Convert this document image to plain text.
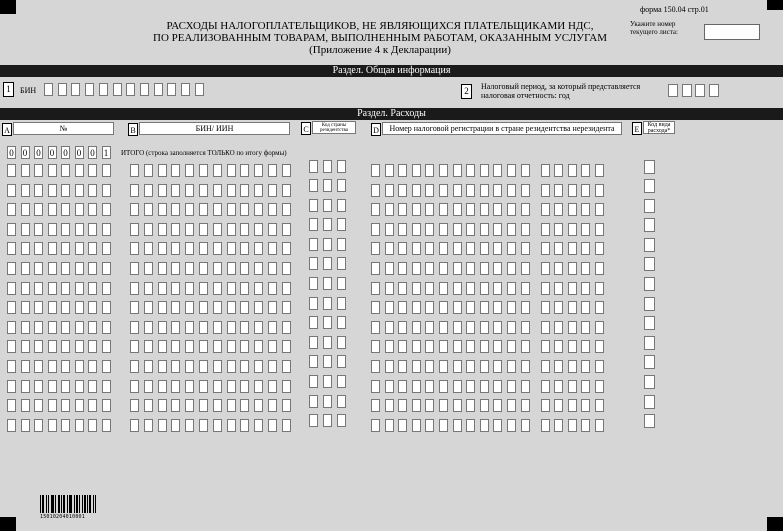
форма 150.04 стр.01
РАСХОДЫ НАЛОГОПЛАТЕЛЬЩИКОВ, НЕ ЯВЛЯЮЩИХСЯ ПЛАТЕЛЬЩИКАМИ НДС,
ПО РЕАЛИЗОВАННЫМ ТОВАРАМ, ВЫПОЛНЕННЫМ РАБОТАМ, ОКАЗАННЫМ УСЛУГАМ
(Приложение 4 к Декларации)
Укажите номер
текущего листа:
Раздел. Общая информация
1	БИН	2	Налоговый период, за который представляется
налоговая отчетность: год
Раздел. Расходы
A	№	B	БИН/ ИИН	C	Код страны
резидентства	D	Номер налоговой регистрации в стране резидентства нерезидента	E	Код вида
расхода*
ИТОГО (строка заполняется ТОЛЬКО по итогу формы)
15010204010001
0 0 0 0 0 0 0 1
